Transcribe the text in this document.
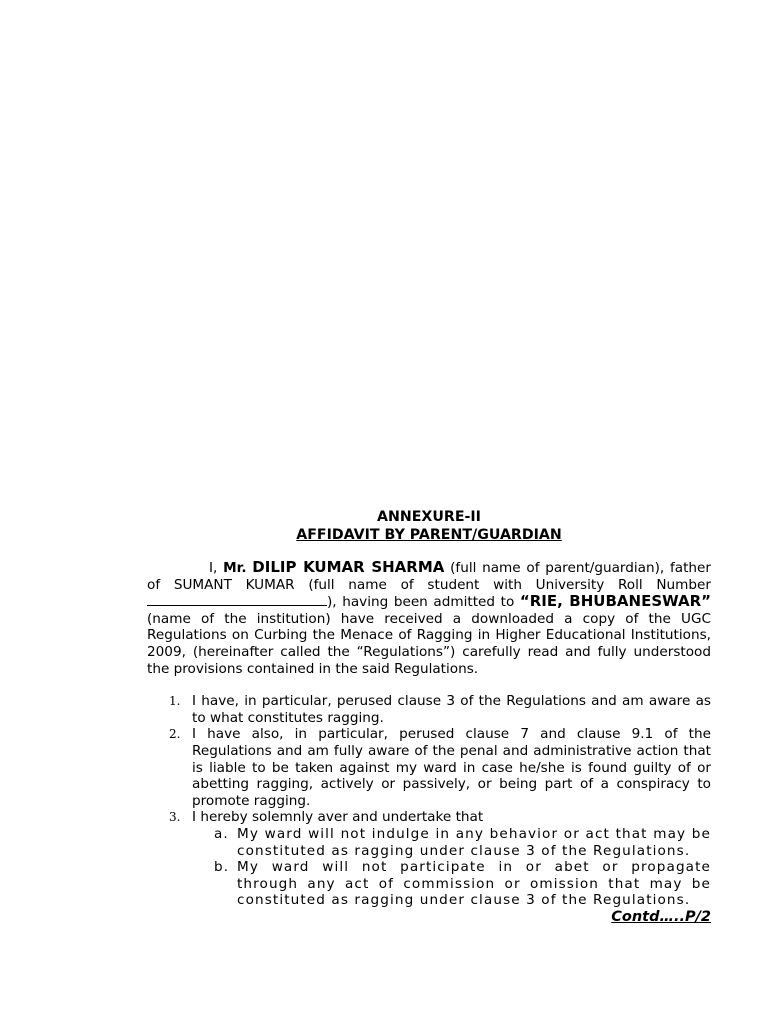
ANNEXURE-II

AFFIDAVIT BY PARENT/GUARDIAN

I, Mr. DILIP KUMAR SHARMA (full name of parent/guardian), father of SUMANT KUMAR (full name of student with University Roll Number ), having been admitted to “RIE, BHUBANESWAR” (name of the institution) have received a downloaded a copy of the UGC Regulations on Curbing the Menace of Ragging in Higher Educational Institutions, 2009, (hereinafter called the “Regulations”) carefully read and fully understood the provisions contained in the said Regulations.

1. I have, in particular, perused clause 3 of the Regulations and am aware as to what constitutes ragging.
2. I have also, in particular, perused clause 7 and clause 9.1 of the Regulations and am fully aware of the penal and administrative action that is liable to be taken against my ward in case he/she is found guilty of or abetting ragging, actively or passively, or being part of a conspiracy to promote ragging.
3. I hereby solemnly aver and undertake that
a. My ward will not indulge in any behavior or act that may be constituted as ragging under clause 3 of the Regulations.
b. My ward will not participate in or abet or propagate through any act of commission or omission that may be constituted as ragging under clause 3 of the Regulations.

Contd…..P/2
